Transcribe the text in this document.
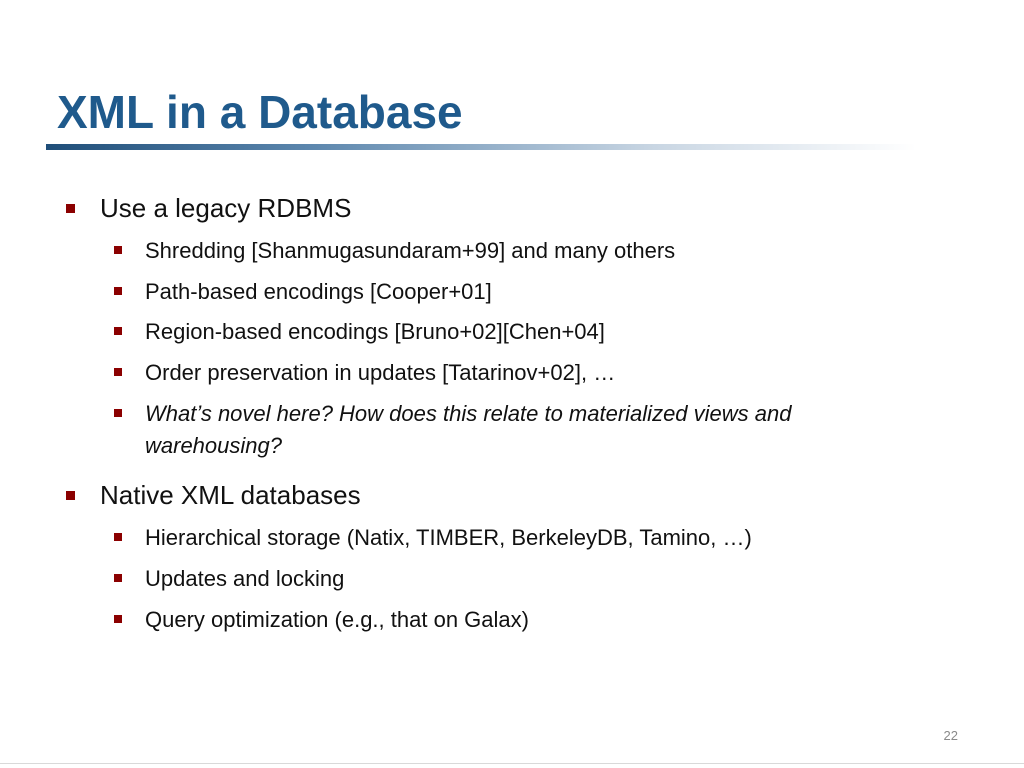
XML in a Database
Use a legacy RDBMS
Shredding [Shanmugasundaram+99] and many others
Path-based encodings [Cooper+01]
Region-based encodings [Bruno+02][Chen+04]
Order preservation in updates [Tatarinov+02], …
What’s novel here? How does this relate to materialized views and warehousing?
Native XML databases
Hierarchical storage (Natix, TIMBER, BerkeleyDB, Tamino, …)
Updates and locking
Query optimization (e.g., that on Galax)
22
